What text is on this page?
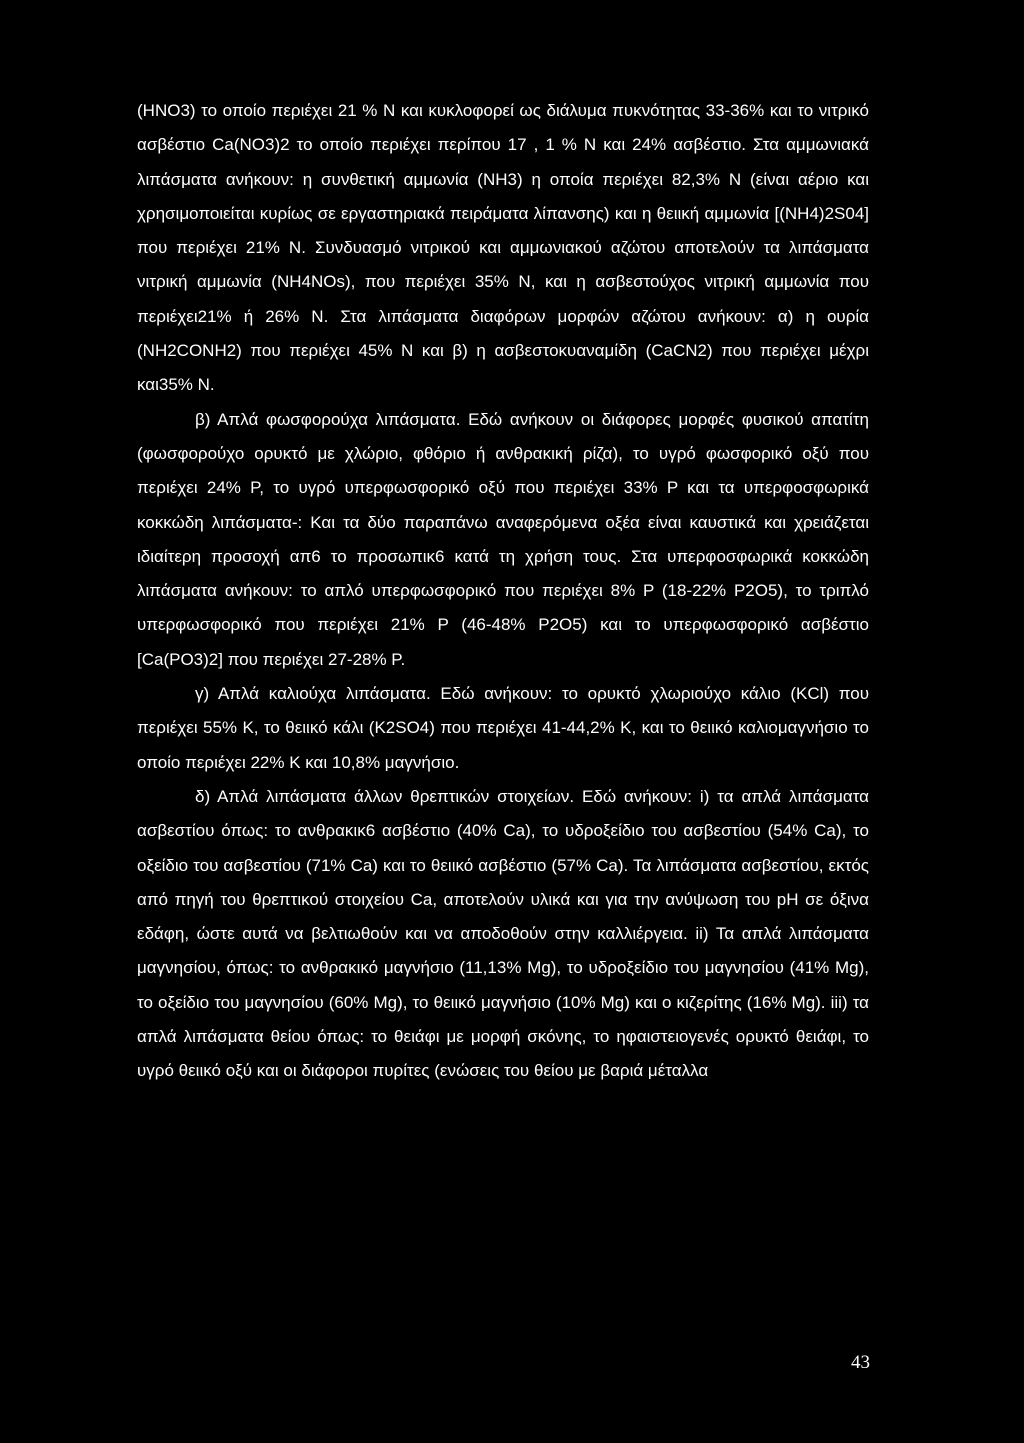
(HNO3) το οποίο περιέχει 21 % N και κυκλοφορεί ως διάλυμα πυκνότητας 33-36% και το νιτρικό ασβέστιο Ca(NO3)2 το οποίο περιέχει περίπου 17 , 1 % N και 24% ασβέστιο. Στα αμμωνιακά λιπάσματα ανήκουν: η συνθετική αμμωνία (NH3) η οποία περιέχει 82,3% N (είναι αέριο και χρησιμοποιείται κυρίως σε εργαστηριακά πειράματα λίπανσης) και η θειική αμμωνία [(NH4)2S04] που περιέχει 21% N. Συνδυασμό νιτρικού και αμμωνιακού αζώτου αποτελούν τα λιπάσματα νιτρική αμμωνία (NH4NOs), που περιέχει 35% N, και η ασβεστούχος νιτρική αμμωνία που περιέχει21% ή 26% N. Στα λιπάσματα διαφόρων μορφών αζώτου ανήκουν: α) η ουρία (NH2CONH2) που περιέχει 45% N και β) η ασβεστοκυαναμίδη (CaCN2) που περιέχει μέχρι και35% N.

β) Απλά φωσφορούχα λιπάσματα. Εδώ ανήκουν οι διάφορες μορφές φυσικού απατίτη (φωσφορούχο ορυκτό με χλώριο, φθόριο ή ανθρακική ρίζα), το υγρό φωσφορικό οξύ που περιέχει 24% P, το υγρό υπερφωσφορικό οξύ που περιέχει 33% P και τα υπερφοσφωρικά κοκκώδη λιπάσματα-: Και τα δύο παραπάνω αναφερόμενα οξέα είναι καυστικά και χρειάζεται ιδιαίτερη προσοχή απ6 το προσωπικ6 κατά τη χρήση τους. Στα υπερφοσφωρικά κοκκώδη λιπάσματα ανήκουν: το απλό υπερφωσφορικό που περιέχει 8% P (18-22% P2O5), το τριπλό υπερφωσφορικό που περιέχει 21% P (46-48% P2O5) και το υπερφωσφορικό ασβέστιο [Ca(PO3)2] που περιέχει 27-28% P.

γ) Απλά καλιούχα λιπάσματα. Εδώ ανήκουν: το ορυκτό χλωριούχο κάλιο (KCl) που περιέχει 55% K, το θειικό κάλι (K2SO4) που περιέχει 41-44,2% K, και το θειικό καλιομαγνήσιο το οποίο περιέχει 22% K και 10,8% μαγνήσιο.

δ) Απλά λιπάσματα άλλων θρεπτικών στοιχείων. Εδώ ανήκουν: i) τα απλά λιπάσματα ασβεστίου όπως: το ανθρακικ6 ασβέστιο (40% Ca), το υδροξείδιο του ασβεστίου (54% Ca), το οξείδιο του ασβεστίου (71% Ca) και το θειικό ασβέστιο (57% Ca). Τα λιπάσματα ασβεστίου, εκτός από πηγή του θρεπτικού στοιχείου Ca, αποτελούν υλικά και για την ανύψωση του pH σε όξινα εδάφη, ώστε αυτά να βελτιωθούν και να αποδοθούν στην καλλιέργεια. ii) Τα απλά λιπάσματα μαγνησίου, όπως: το ανθρακικό μαγνήσιο (11,13% Mg), το υδροξείδιο του μαγνησίου (41% Mg), το οξείδιο του μαγνησίου (60% Mg), το θειικό μαγνήσιο (10% Mg) και ο κιζερίτης (16% Mg). iii) τα απλά λιπάσματα θείου όπως: το θειάφι με μορφή σκόνης, το ηφαιστειογενές ορυκτό θειάφι, το υγρό θειικό οξύ και οι διάφοροι πυρίτες (ενώσεις του θείου με βαριά μέταλλα

43
